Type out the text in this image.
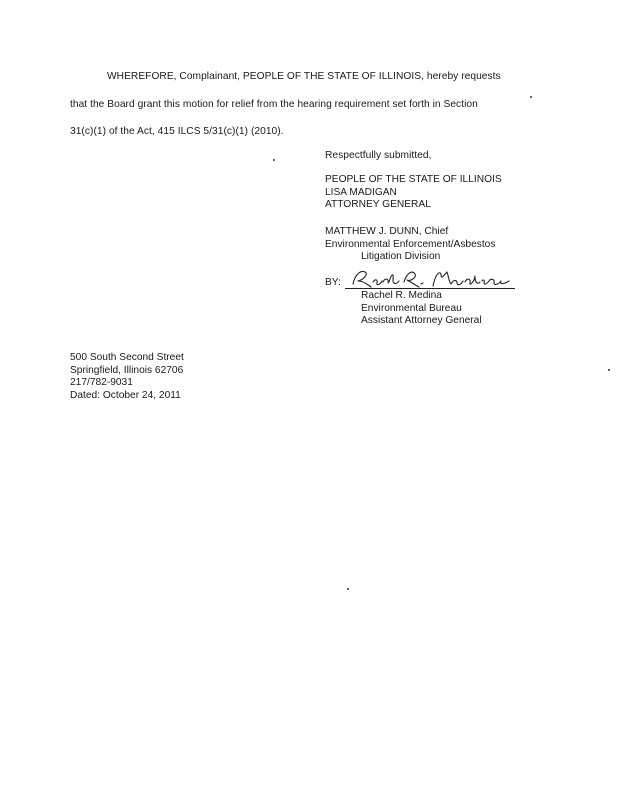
WHEREFORE, Complainant, PEOPLE OF THE STATE OF ILLINOIS, hereby requests
that the Board grant this motion for relief from the hearing requirement set forth in Section
31(c)(1) of the Act, 415 ILCS 5/31(c)(1) (2010).
Respectfully submitted,
PEOPLE OF THE STATE OF ILLINOIS
LISA MADIGAN
ATTORNEY GENERAL
MATTHEW J. DUNN, Chief
Environmental Enforcement/Asbestos
Litigation Division
BY:
Rachel R. Medina
Environmental Bureau
Assistant Attorney General
500 South Second Street
Springfield, Illinois 62706
217/782-9031
Dated: October 24, 2011
